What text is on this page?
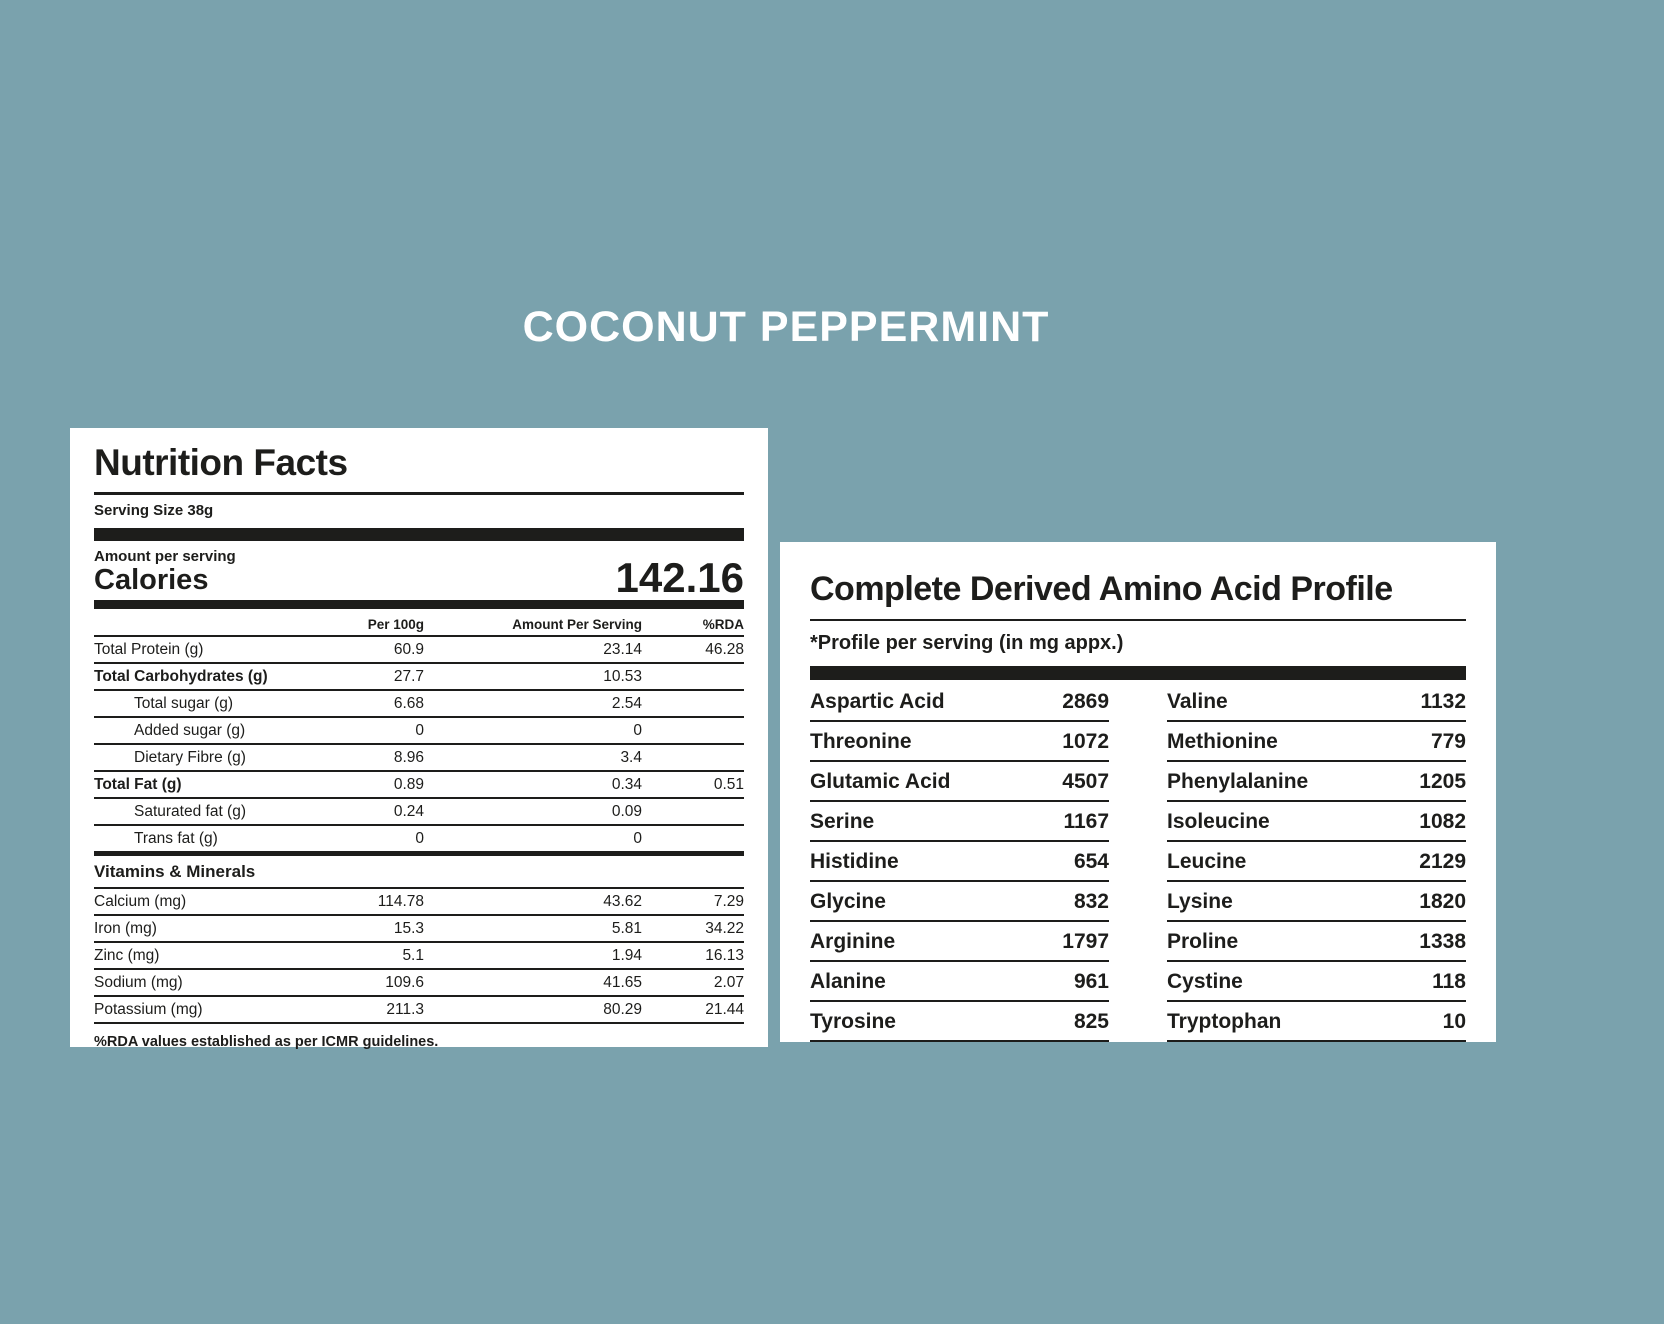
COCONUT PEPPERMINT
Nutrition Facts
Serving Size 38g
Amount per serving
Calories	142.16
Per 100g	Amount Per Serving	%RDA
Total Protein (g)	60.9	23.14	46.28
Total Carbohydrates (g)	27.7	10.53
Total sugar (g)	6.68	2.54
Added sugar (g)	0	0
Dietary Fibre (g)	8.96	3.4
Total Fat (g)	0.89	0.34	0.51
Saturated fat (g)	0.24	0.09
Trans fat (g)	0	0
Vitamins & Minerals
Calcium (mg)	114.78	43.62	7.29
Iron (mg)	15.3	5.81	34.22
Zinc (mg)	5.1	1.94	16.13
Sodium (mg)	109.6	41.65	2.07
Potassium (mg)	211.3	80.29	21.44
%RDA values established as per ICMR guidelines.
Complete Derived Amino Acid Profile
*Profile per serving (in mg appx.)
Aspartic Acid	2869
Threonine	1072
Glutamic Acid	4507
Serine	1167
Histidine	654
Glycine	832
Arginine	1797
Alanine	961
Tyrosine	825
Valine	1132
Methionine	779
Phenylalanine	1205
Isoleucine	1082
Leucine	2129
Lysine	1820
Proline	1338
Cystine	118
Tryptophan	10
